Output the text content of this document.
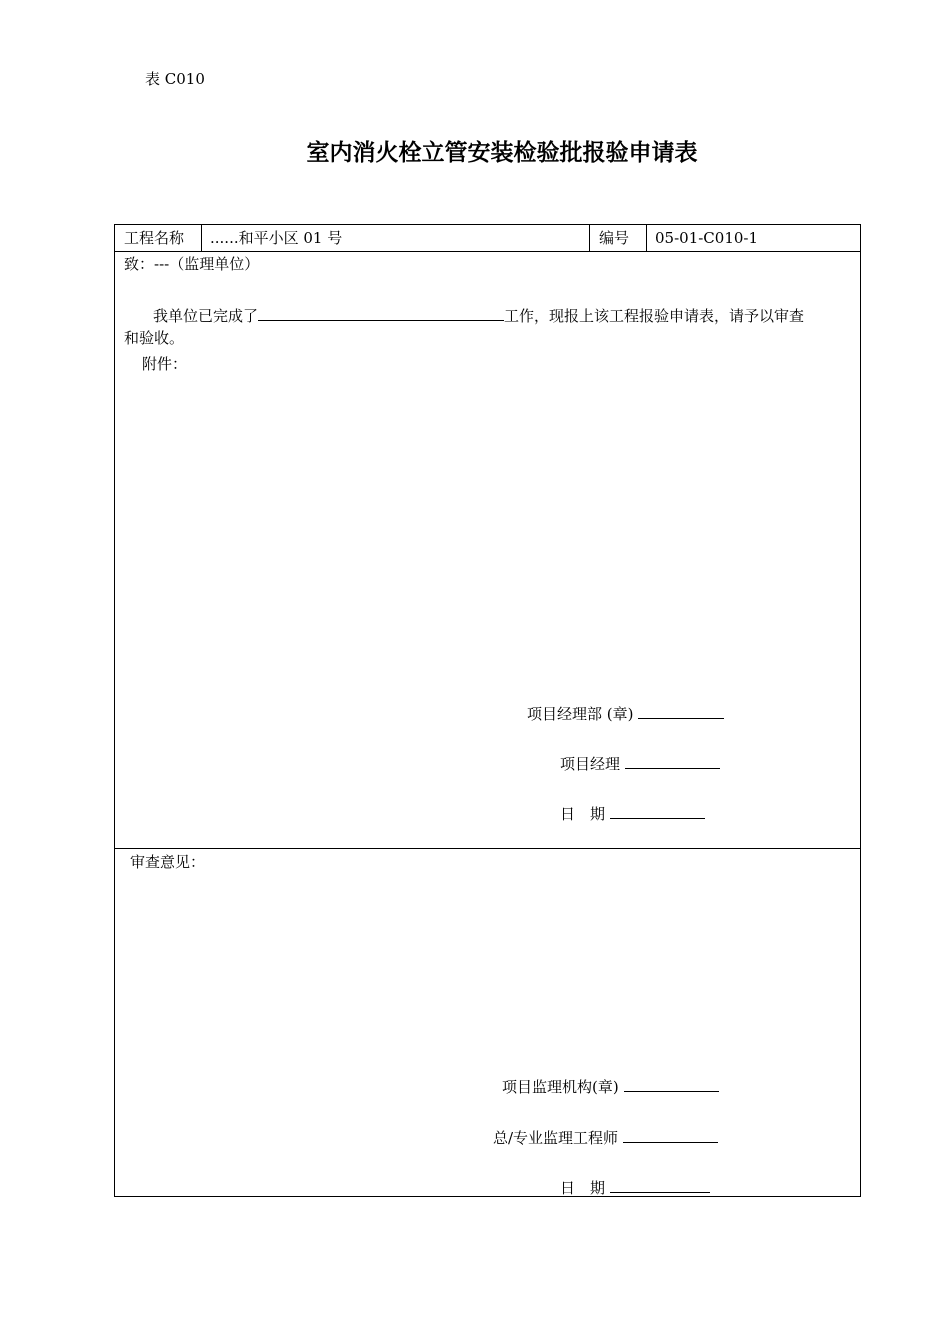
表 C010
室内消火栓立管安装检验批报验申请表
工程名称 ......和平小区 01 号	编号 05-01-C010-1
致：---（监理单位）
我单位已完成了	工作，现报上该工程报验申请表，请予以审查
和验收。
附件：
项目经理部 (章)
项目经理
日　期
审查意见：
项目监理机构(章)
总/专业监理工程师
日　期
